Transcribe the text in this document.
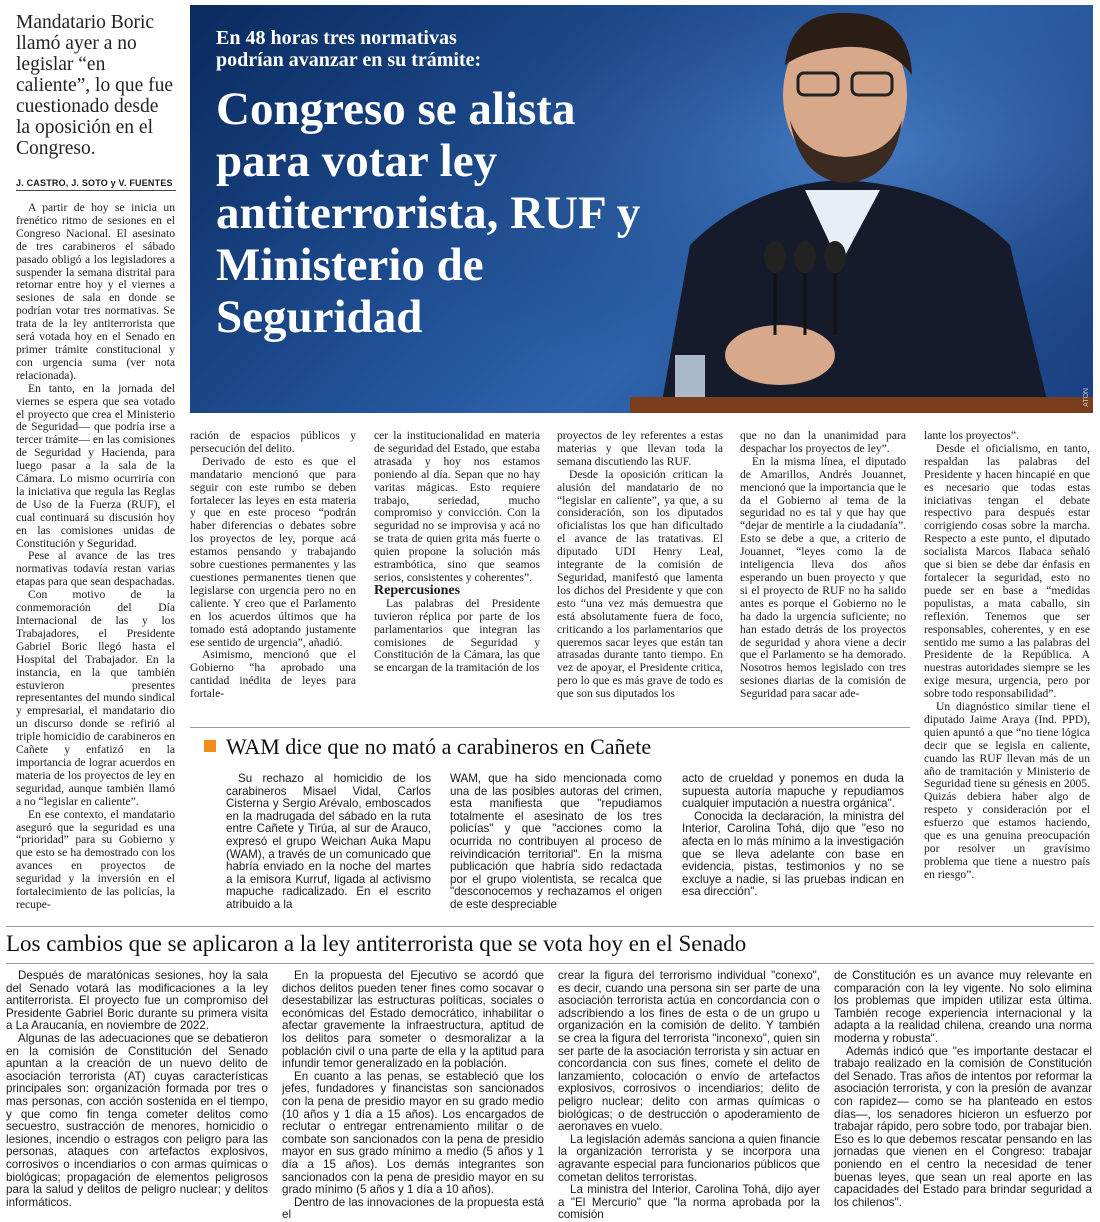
Mandatario Boric llamó ayer a no legislar “en caliente”, lo que fue cuestionado desde la oposición en el Congreso.
J. CASTRO, J. SOTO y V. FUENTES

A partir de hoy se inicia un frenético ritmo de sesiones en el Congreso Nacional. El asesinato de tres carabineros el sábado pasado obligó a los legisladores a suspender la semana distrital para retornar entre hoy y el viernes a sesiones de sala en donde se podrían votar tres normativas. Se trata de la ley antiterrorista que será votada hoy en el Senado en primer trámite constitucional y con urgencia suma (ver nota relacionada).

En tanto, en la jornada del viernes se espera que sea votado el proyecto que crea el Ministerio de Seguridad— que podría irse a tercer trámite— en las comisiones de Seguridad y Hacienda, para luego pasar a la sala de la Cámara. Lo mismo ocurriría con la iniciativa que regula las Reglas de Uso de la Fuerza (RUF), el cual continuará su discusión hoy en las comisiones unidas de Constitución y Seguridad.

Pese al avance de las tres normativas todavía restan varias etapas para que sean despachadas.

Con motivo de la conmemoración del Día Internacional de las y los Trabajadores, el Presidente Gabriel Boric llegó hasta el Hospital del Trabajador. En la instancia, en la que también estuvieron presentes representantes del mundo sindical y empresarial, el mandatario dio un discurso donde se refirió al triple homicidio de carabineros en Cañete y enfatizó en la importancia de lograr acuerdos en materia de los proyectos de ley en seguridad, aunque también llamó a no “legislar en caliente”.

En ese contexto, el mandatario aseguró que la seguridad es una “prioridad” para su Gobierno y que esto se ha demostrado con los avances en proyectos de seguridad y la inversión en el fortalecimiento de las policías, la recupe-

En 48 horas tres normativas podrían avanzar en su trámite:
Congreso se alista para votar ley antiterrorista, RUF y Ministerio de Seguridad
ATON

ración de espacios públicos y persecución del delito.

Derivado de esto es que el mandatario mencionó que para seguir con este rumbo se deben fortalecer las leyes en esta materia y que en este proceso “podrán haber diferencias o debates sobre los proyectos de ley, porque acá estamos pensando y trabajando sobre cuestiones permanentes y las cuestiones permanentes tienen que legislarse con urgencia pero no en caliente. Y creo que el Parlamento en los acuerdos últimos que ha tomado está adoptando justamente ese sentido de urgencia”, añadió.

Asimismo, mencionó que el Gobierno “ha aprobado una cantidad inédita de leyes para fortale-

cer la institucionalidad en materia de seguridad del Estado, que estaba atrasada y hoy nos estamos poniendo al día. Sepan que no hay varitas mágicas. Esto requiere trabajo, seriedad, mucho compromiso y convicción. Con la seguridad no se improvisa y acá no se trata de quien grita más fuerte o quien propone la solución más estrambótica, sino que seamos serios, consistentes y coherentes”.

Repercusiones

Las palabras del Presidente tuvieron réplica por parte de los parlamentarios que integran las comisiones de Seguridad y Constitución de la Cámara, las que se encargan de la tramitación de los

proyectos de ley referentes a estas materias y que llevan toda la semana discutiendo las RUF.

Desde la oposición critican la alusión del mandatario de no “legislar en caliente”, ya que, a su consideración, son los diputados oficialistas los que han dificultado el avance de las tratativas. El diputado UDI Henry Leal, integrante de la comisión de Seguridad, manifestó que lamenta los dichos del Presidente y que con esto “una vez más demuestra que está absolutamente fuera de foco, criticando a los parlamentarios que queremos sacar leyes que están tan atrasadas durante tanto tiempo. En vez de apoyar, el Presidente critica, pero lo que es más grave de todo es que son sus diputados los

que no dan la unanimidad para despachar los proyectos de ley”.

En la misma línea, el diputado de Amarillos, Andrés Jouannet, mencionó que la importancia que le da el Gobierno al tema de la seguridad no es tal y que hay que “dejar de mentirle a la ciudadanía”. Esto se debe a que, a criterio de Jouannet, “leyes como la de inteligencia lleva dos años esperando un buen proyecto y que si el proyecto de RUF no ha salido antes es porque el Gobierno no le ha dado la urgencia suficiente; no han estado detrás de los proyectos de seguridad y ahora viene a decir que el Parlamento se ha demorado. Nosotros hemos legislado con tres sesiones diarias de la comisión de Seguridad para sacar ade-

lante los proyectos”.

Desde el oficialismo, en tanto, respaldan las palabras del Presidente y hacen hincapié en que es necesario que todas estas iniciativas tengan el debate respectivo para después estar corrigiendo cosas sobre la marcha. Respecto a este punto, el diputado socialista Marcos Ilabaca señaló que si bien se debe dar énfasis en fortalecer la seguridad, esto no puede ser en base a “medidas populistas, a mata caballo, sin reflexión. Tenemos que ser responsables, coherentes, y en ese sentido me sumo a las palabras del Presidente de la República. A nuestras autoridades siempre se les exige mesura, urgencia, pero por sobre todo responsabilidad”.

Un diagnóstico similar tiene el diputado Jaime Araya (Ind. PPD), quien apuntó a que “no tiene lógica decir que se legisla en caliente, cuando las RUF llevan más de un año de tramitación y Ministerio de Seguridad tiene su génesis en 2005. Quizás debiera haber algo de respeto y consideración por el esfuerzo que estamos haciendo, que es una genuina preocupación por resolver un gravísimo problema que tiene a nuestro país en riesgo”.

WAM dice que no mató a carabineros en Cañete
Su rechazo al homicidio de los carabineros Misael Vidal, Carlos Cisterna y Sergio Arévalo, emboscados en la madrugada del sábado en la ruta entre Cañete y Tirúa, al sur de Arauco, expresó el grupo Weichan Auka Mapu (WAM), a través de un comunicado que habría enviado en la noche del martes a la emisora Kurruf, ligada al activismo mapuche radicalizado. En el escrito atribuido a la
WAM, que ha sido mencionada como una de las posibles autoras del crimen, esta manifiesta que "repudiamos totalmente el asesinato de los tres policías" y que "acciones como la ocurrida no contribuyen al proceso de reivindicación territorial". En la misma publicación que habría sido redactada por el grupo violentista, se recalca que "desconocemos y rechazamos el origen de este despreciable

acto de crueldad y ponemos en duda la supuesta autoría mapuche y repudiamos cualquier imputación a nuestra orgánica".

Conocida la declaración, la ministra del Interior, Carolina Tohá, dijo que "eso no afecta en lo más mínimo a la investigación que se lleva adelante con base en evidencia, pistas, testimonios y no se excluye a nadie, si las pruebas indican en esa dirección".

Los cambios que se aplicaron a la ley antiterrorista que se vota hoy en el Senado

Después de maratónicas sesiones, hoy la sala del Senado votará las modificaciones a la ley antiterrorista. El proyecto fue un compromiso del Presidente Gabriel Boric durante su primera visita a La Araucanía, en noviembre de 2022.

Algunas de las adecuaciones que se debatieron en la comisión de Constitución del Senado apuntan a la creación de un nuevo delito de asociación terrorista (AT) cuyas características principales son: organización formada por tres o mas personas, con acción sostenida en el tiempo, y que como fin tenga cometer delitos como secuestro, sustracción de menores, homicidio o lesiones, incendio o estragos con peligro para las personas, ataques con artefactos explosivos, corrosivos o incendiarios o con armas químicas o biológicas; propagación de elementos peligrosos para la salud y delitos de peligro nuclear; y delitos informáticos.

En la propuesta del Ejecutivo se acordó que dichos delitos pueden tener fines como socavar o desestabilizar las estructuras políticas, sociales o económicas del Estado democrático, inhabilitar o afectar gravemente la infraestructura, aptitud de los delitos para someter o desmoralizar a la población civil o una parte de ella y la aptitud para infundir temor generalizado en la población.

En cuanto a las penas, se estableció que los jefes, fundadores y financistas son sancionados con la pena de presidio mayor en su grado medio (10 años y 1 día a 15 años). Los encargados de reclutar o entregar entrenamiento militar o de combate son sancionados con la pena de presidio mayor en sus grado mínimo a medio (5 años y 1 día a 15 años). Los demás integrantes son sancionados con la pena de presidio mayor en su grado mínimo (5 años y 1 día a 10 años).

Dentro de las innovaciones de la propuesta está el

crear la figura del terrorismo individual "conexo", es decir, cuando una persona sin ser parte de una asociación terrorista actúa en concordancia con o adscribiendo a los fines de esta o de un grupo u organización en la comisión de delito. Y también se crea la figura del terrorista "inconexo", quien sin ser parte de la asociación terrorista y sin actuar en concordancia con sus fines, comete el delito de lanzamiento, colocación o envío de artefactos explosivos, corrosivos o incendiarios; delito de peligro nuclear; delito con armas químicas o biológicas; o de destrucción o apoderamiento de aeronaves en vuelo.

La legislación además sanciona a quien financie la organización terrorista y se incorpora una agravante especial para funcionarios públicos que cometan delitos terroristas.

La ministra del Interior, Carolina Tohá, dijo ayer a "El Mercurio" que "la norma aprobada por la comisión

de Constitución es un avance muy relevante en comparación con la ley vigente. No solo elimina los problemas que impiden utilizar esta última. También recoge experiencia internacional y la adapta a la realidad chilena, creando una norma moderna y robusta".

Además indicó que "es importante destacar el trabajo realizado en la comisión de Constitución del Senado. Tras años de intentos por reformar la asociación terrorista, y con la presión de avanzar con rapidez— como se ha planteado en estos días—, los senadores hicieron un esfuerzo por trabajar rápido, pero sobre todo, por trabajar bien. Eso es lo que debemos rescatar pensando en las jornadas que vienen en el Congreso: trabajar poniendo en el centro la necesidad de tener buenas leyes, que sean un real aporte en las capacidades del Estado para brindar seguridad a los chilenos".
